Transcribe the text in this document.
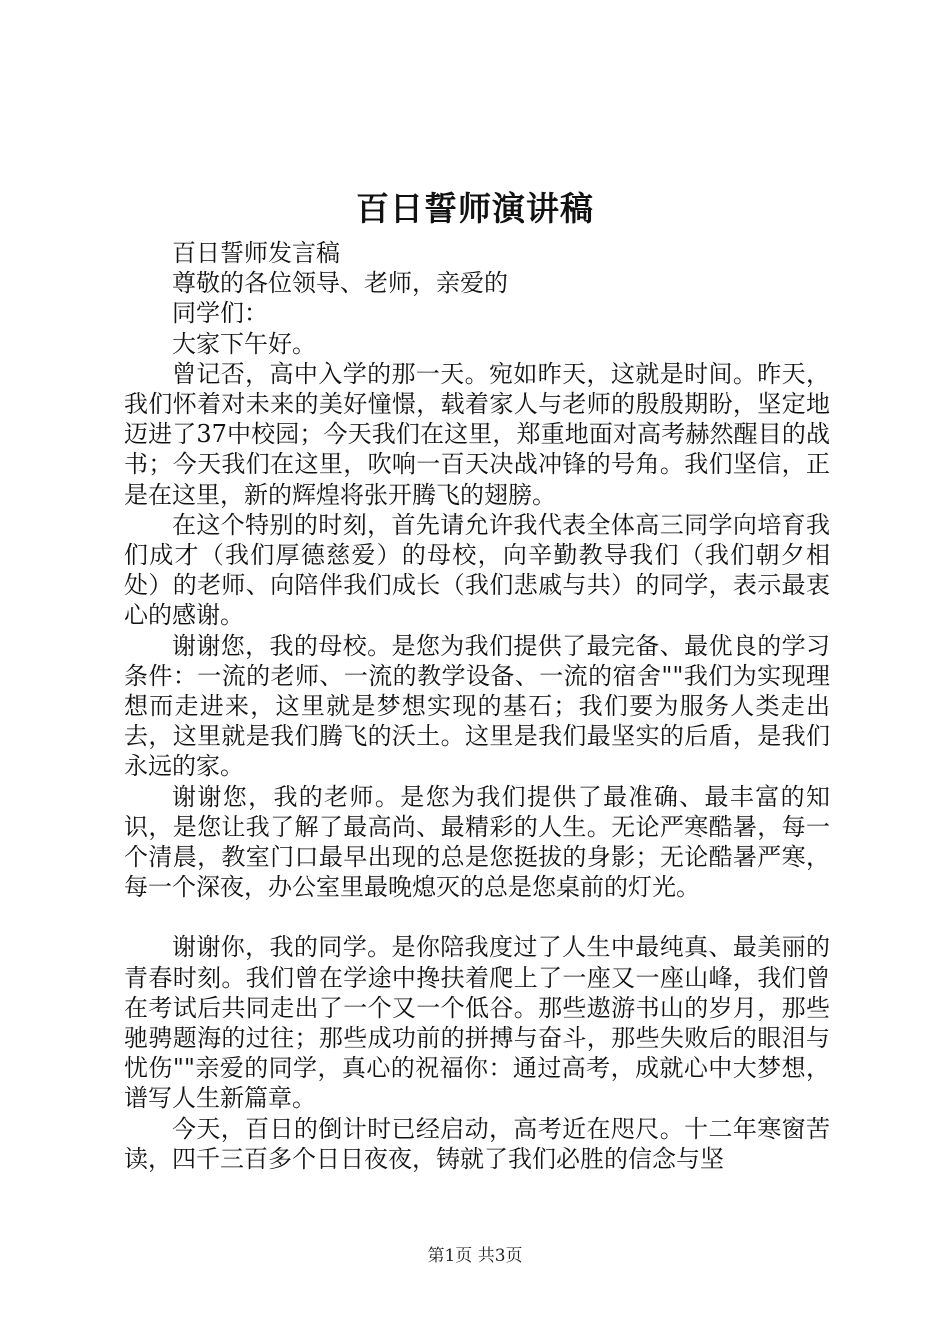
百日誓师演讲稿

百日誓师发言稿

尊敬的各位领导、老师，亲爱的

同学们：

大家下午好。

曾记否，高中入学的那一天。宛如昨天，这就是时间。昨天，我们怀着对未来的美好憧憬，载着家人与老师的殷殷期盼，坚定地迈进了37中校园；今天我们在这里，郑重地面对高考赫然醒目的战书；今天我们在这里，吹响一百天决战冲锋的号角。我们坚信，正是在这里，新的辉煌将张开腾飞的翅膀。

在这个特别的时刻，首先请允许我代表全体高三同学向培育我们成才（我们厚德慈爱）的母校，向辛勤教导我们（我们朝夕相处）的老师、向陪伴我们成长（我们悲戚与共）的同学，表示最衷心的感谢。

谢谢您，我的母校。是您为我们提供了最完备、最优良的学习条件：一流的老师、一流的教学设备、一流的宿舍""我们为实现理想而走进来，这里就是梦想实现的基石；我们要为服务人类走出去，这里就是我们腾飞的沃土。这里是我们最坚实的后盾，是我们永远的家。

谢谢您，我的老师。是您为我们提供了最准确、最丰富的知识，是您让我了解了最高尚、最精彩的人生。无论严寒酷暑，每一个清晨，教室门口最早出现的总是您挺拔的身影；无论酷暑严寒，每一个深夜，办公室里最晚熄灭的总是您桌前的灯光。

谢谢你，我的同学。是你陪我度过了人生中最纯真、最美丽的青春时刻。我们曾在学途中搀扶着爬上了一座又一座山峰，我们曾在考试后共同走出了一个又一个低谷。那些遨游书山的岁月，那些驰骋题海的过往；那些成功前的拼搏与奋斗，那些失败后的眼泪与忧伤""亲爱的同学，真心的祝福你：通过高考，成就心中大梦想，谱写人生新篇章。

今天，百日的倒计时已经启动，高考近在咫尺。十二年寒窗苦读，四千三百多个日日夜夜，铸就了我们必胜的信念与坚

第1页 共3页
